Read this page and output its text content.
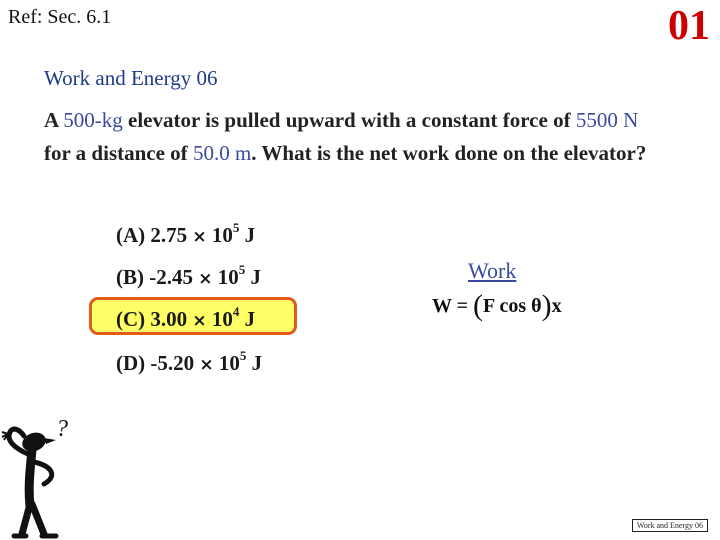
Ref: Sec. 6.1	01
Work and Energy 06
A 500-kg elevator is pulled upward with a constant force of 5500 N for a distance of 50.0 m. What is the net work done on the elevator?
(A) $2.75 \times 10^5$ J
(B) $-2.45 \times 10^5$ J
(C) $3.00 \times 10^4$ J
(D) $-5.20 \times 10^5$ J
Work
W = (F cos θ)x
?
Work and Energy 06
